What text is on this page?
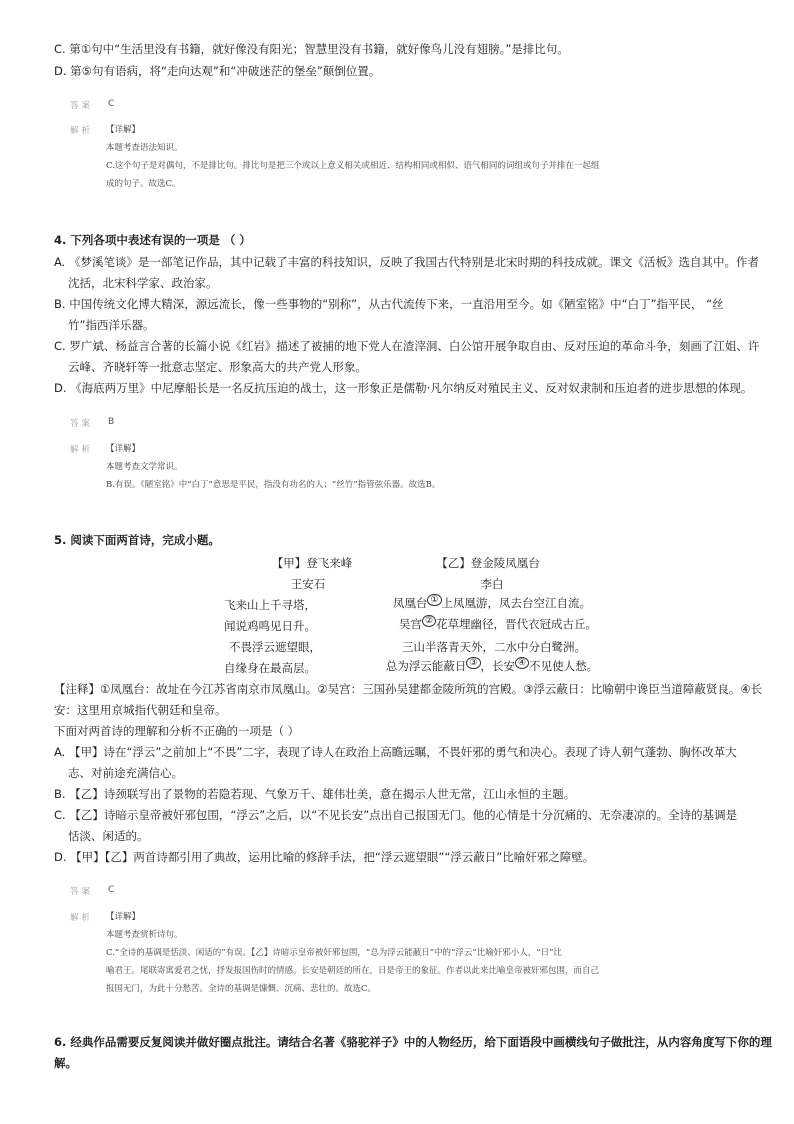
C. 第①句中“生活里没有书籍，就好像没有阳光；智慧里没有书籍，就好像鸟儿没有翅膀。”是排比句。
D. 第⑤句有语病，将“走向达观”和“冲破迷茫的堡垒”颠倒位置。
答案 C
解析 【详解】
本题考查语法知识。
C.这个句子是对偶句，不是排比句。排比句是把三个或以上意义相关或相近、结构相同或相似、语气相同的词组或句子并排在一起组
成的句子。故选C。
4. 下列各项中表述有误的一项是 （ ）
A. 《梦溪笔谈》是一部笔记作品，其中记载了丰富的科技知识，反映了我国古代特别是北宋时期的科技成就。课文《活板》选自其中。作者
沈括，北宋科学家、政治家。
B. 中国传统文化博大精深，源远流长，像一些事物的“别称”，从古代流传下来，一直沿用至今。如《陋室铭》中“白丁”指平民， “丝
竹”指西洋乐器。
C. 罗广斌、杨益言合著的长篇小说《红岩》描述了被捕的地下党人在渣滓洞、白公馆开展争取自由、反对压迫的革命斗争，刻画了江姐、许
云峰、齐晓轩等一批意志坚定、形象高大的共产党人形象。
D. 《海底两万里》中尼摩船长是一名反抗压迫的战士，这一形象正是儒勒·凡尔纳反对殖民主义、反对奴隶制和压迫者的进步思想的体现。
答案 B
解析 【详解】
本题考查文学常识。
B.有误。《陋室铭》中“白丁”意思是平民，指没有功名的人；“丝竹”指管弦乐器。故选B。
5. 阅读下面两首诗，完成小题。
【甲】登飞来峰
王安石
飞来山上千寻塔，
闻说鸡鸣见日升。
不畏浮云遮望眼，
自缘身在最高层。
【乙】登金陵凤凰台
李白
凤凰台 ① 上凤凰游，凤去台空江自流。
吴宫 ② 花草埋幽径，晋代衣冠成古丘。
三山半落青天外，二水中分白鹭洲。
总为浮云能蔽日 ③ ，长安 ④ 不见使人愁。
【注释】①凤凰台：故址在今江苏省南京市凤凰山。②吴宫：三国孙吴建都金陵所筑的宫殿。③浮云蔽日：比喻朝中谗臣当道障蔽贤良。④长
安：这里用京城指代朝廷和皇帝。
下面对两首诗的理解和分析不正确的一项是（ ）
A. 【甲】诗在“浮云”之前加上“不畏”二字，表现了诗人在政治上高瞻远瞩，不畏奸邪的勇气和决心。表现了诗人朝气蓬勃、胸怀改革大
志、对前途充满信心。
B. 【乙】诗颈联写出了景物的若隐若现、气象万千、雄伟壮美，意在揭示人世无常，江山永恒的主题。
C. 【乙】诗暗示皇帝被奸邪包围，“浮云”之后，以“不见长安”点出自己报国无门。他的心情是十分沉痛的、无奈凄凉的。全诗的基调是
恬淡、闲适的。
D. 【甲】【乙】两首诗都引用了典故，运用比喻的修辞手法，把“浮云遮望眼”“浮云蔽日”比喻奸邪之障壁。
答案 C
解析 【详解】
本题考查赏析诗句。
C.“全诗的基调是恬淡、闲适的”有误。【乙】诗暗示皇帝被奸邪包围，“总为浮云能蔽日”中的“浮云”比喻奸邪小人，“日”比
喻君王。尾联寄寓爱君之忧，抒发报国伤时的情感。长安是朝廷的所在，日是帝王的象征。作者以此来比喻皇帝被奸邪包围，而自己
报国无门，为此十分愁苦。全诗的基调是慷慨、沉痛、悲壮的。故选C。
6. 经典作品需要反复阅读并做好圈点批注。请结合名著《骆驼祥子》中的人物经历，给下面语段中画横线句子做批注，从内容角度写下你的理
解。
